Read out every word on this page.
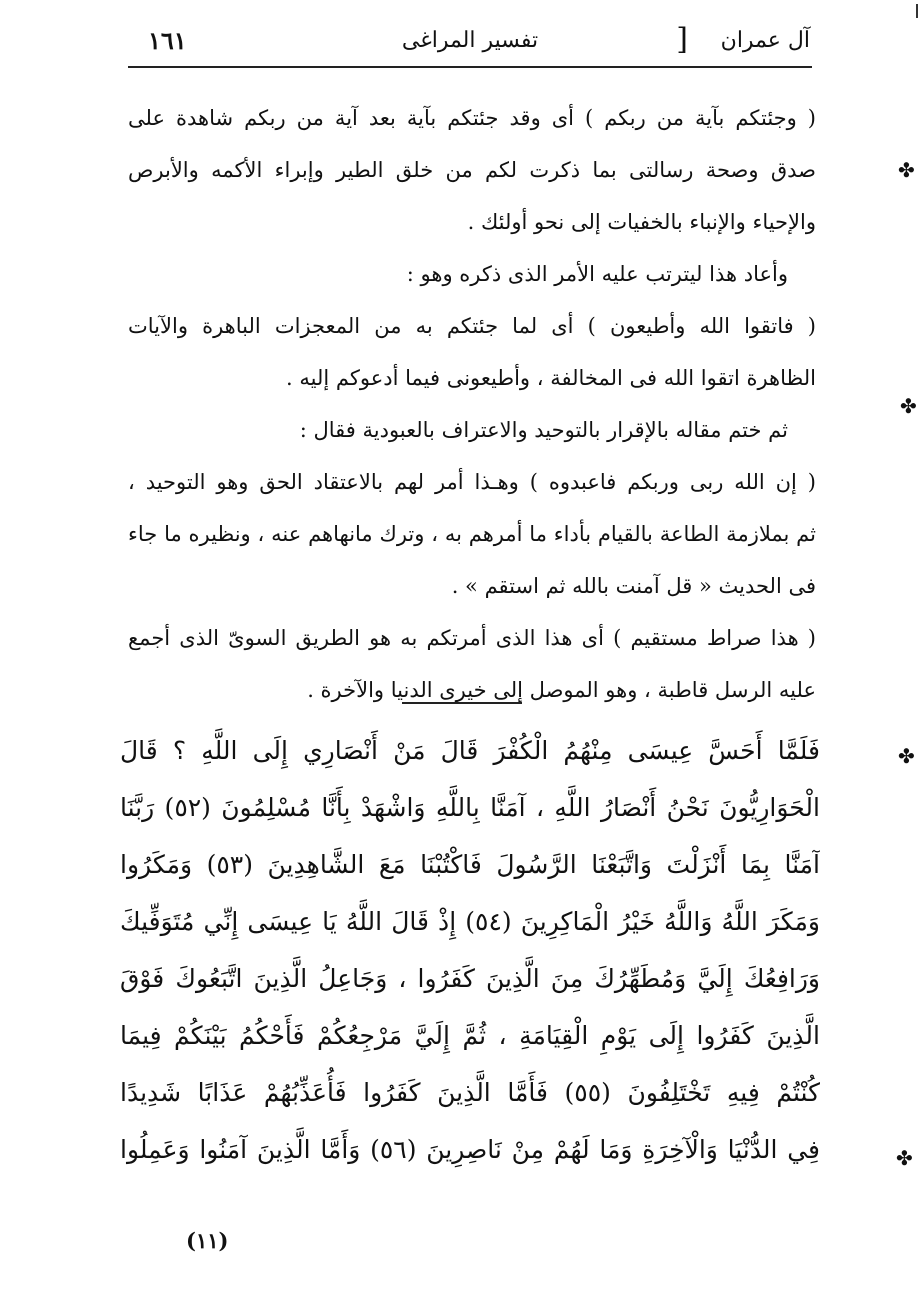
آل عمران
]
تفسير المراغى
١٦١
( وجئتكم بآية من ربكم ) أى وقد جئتكم بآية بعد آية من ربكم شاهدة على
صدق وصحة رسالتى بما ذكرت لكم من خلق الطير وإبراء الأكمه والأبرص
والإحياء والإنباء بالخفيات إلى نحو أولئك .
وأعاد هذا ليترتب عليه الأمر الذى ذكره وهو :
( فاتقوا الله وأطيعون ) أى لما جئتكم به من المعجزات الباهرة والآيات
الظاهرة اتقوا الله فى المخالفة ، وأطيعونى فيما أدعوكم إليه .
ثم ختم مقاله بالإقرار بالتوحيد والاعتراف بالعبودية فقال :
( إن الله ربى وربكم فاعبدوه ) وهـذا أمر لهم بالاعتقاد الحق وهو التوحيد ،
ثم بملازمة الطاعة بالقيام بأداء ما أمرهم به ، وترك مانهاهم عنه ، ونظيره ما جاء
فى الحديث « قل آمنت بالله ثم استقم » .
( هذا صراط مستقيم ) أى هذا الذى أمرتكم به هو الطريق السوىّ الذى أجمع
عليه الرسل قاطبة ، وهو الموصل إلى خيرى الدنيا والآخرة .
فَلَمَّا أَحَسَّ عِيسَى مِنْهُمُ الْكُفْرَ قَالَ مَنْ أَنْصَارِي إِلَى اللَّهِ ؟ قَالَ
الْحَوَارِيُّونَ نَحْنُ أَنْصَارُ اللَّهِ ، آمَنَّا بِاللَّهِ وَاشْهَدْ بِأَنَّا مُسْلِمُونَ (٥٢) رَبَّنَا
آمَنَّا بِمَا أَنْزَلْتَ وَاتَّبَعْنَا الرَّسُولَ فَاكْتُبْنَا مَعَ الشَّاهِدِينَ (٥٣) وَمَكَرُوا
وَمَكَرَ اللَّهُ وَاللَّهُ خَيْرُ الْمَاكِرِينَ (٥٤) إِذْ قَالَ اللَّهُ يَا عِيسَى إِنِّي مُتَوَفِّيكَ
وَرَافِعُكَ إِلَيَّ وَمُطَهِّرُكَ مِنَ الَّذِينَ كَفَرُوا ، وَجَاعِلُ الَّذِينَ اتَّبَعُوكَ فَوْقَ
الَّذِينَ كَفَرُوا إِلَى يَوْمِ الْقِيَامَةِ ، ثُمَّ إِلَيَّ مَرْجِعُكُمْ فَأَحْكُمُ بَيْنَكُمْ فِيمَا
كُنْتُمْ فِيهِ تَخْتَلِفُونَ (٥٥) فَأَمَّا الَّذِينَ كَفَرُوا فَأُعَذِّبُهُمْ عَذَابًا شَدِيدًا
فِي الدُّنْيَا وَالْآخِرَةِ وَمَا لَهُمْ مِنْ نَاصِرِينَ (٥٦) وَأَمَّا الَّذِينَ آمَنُوا وَعَمِلُوا
(١١)
✤
✤
✤
✤
